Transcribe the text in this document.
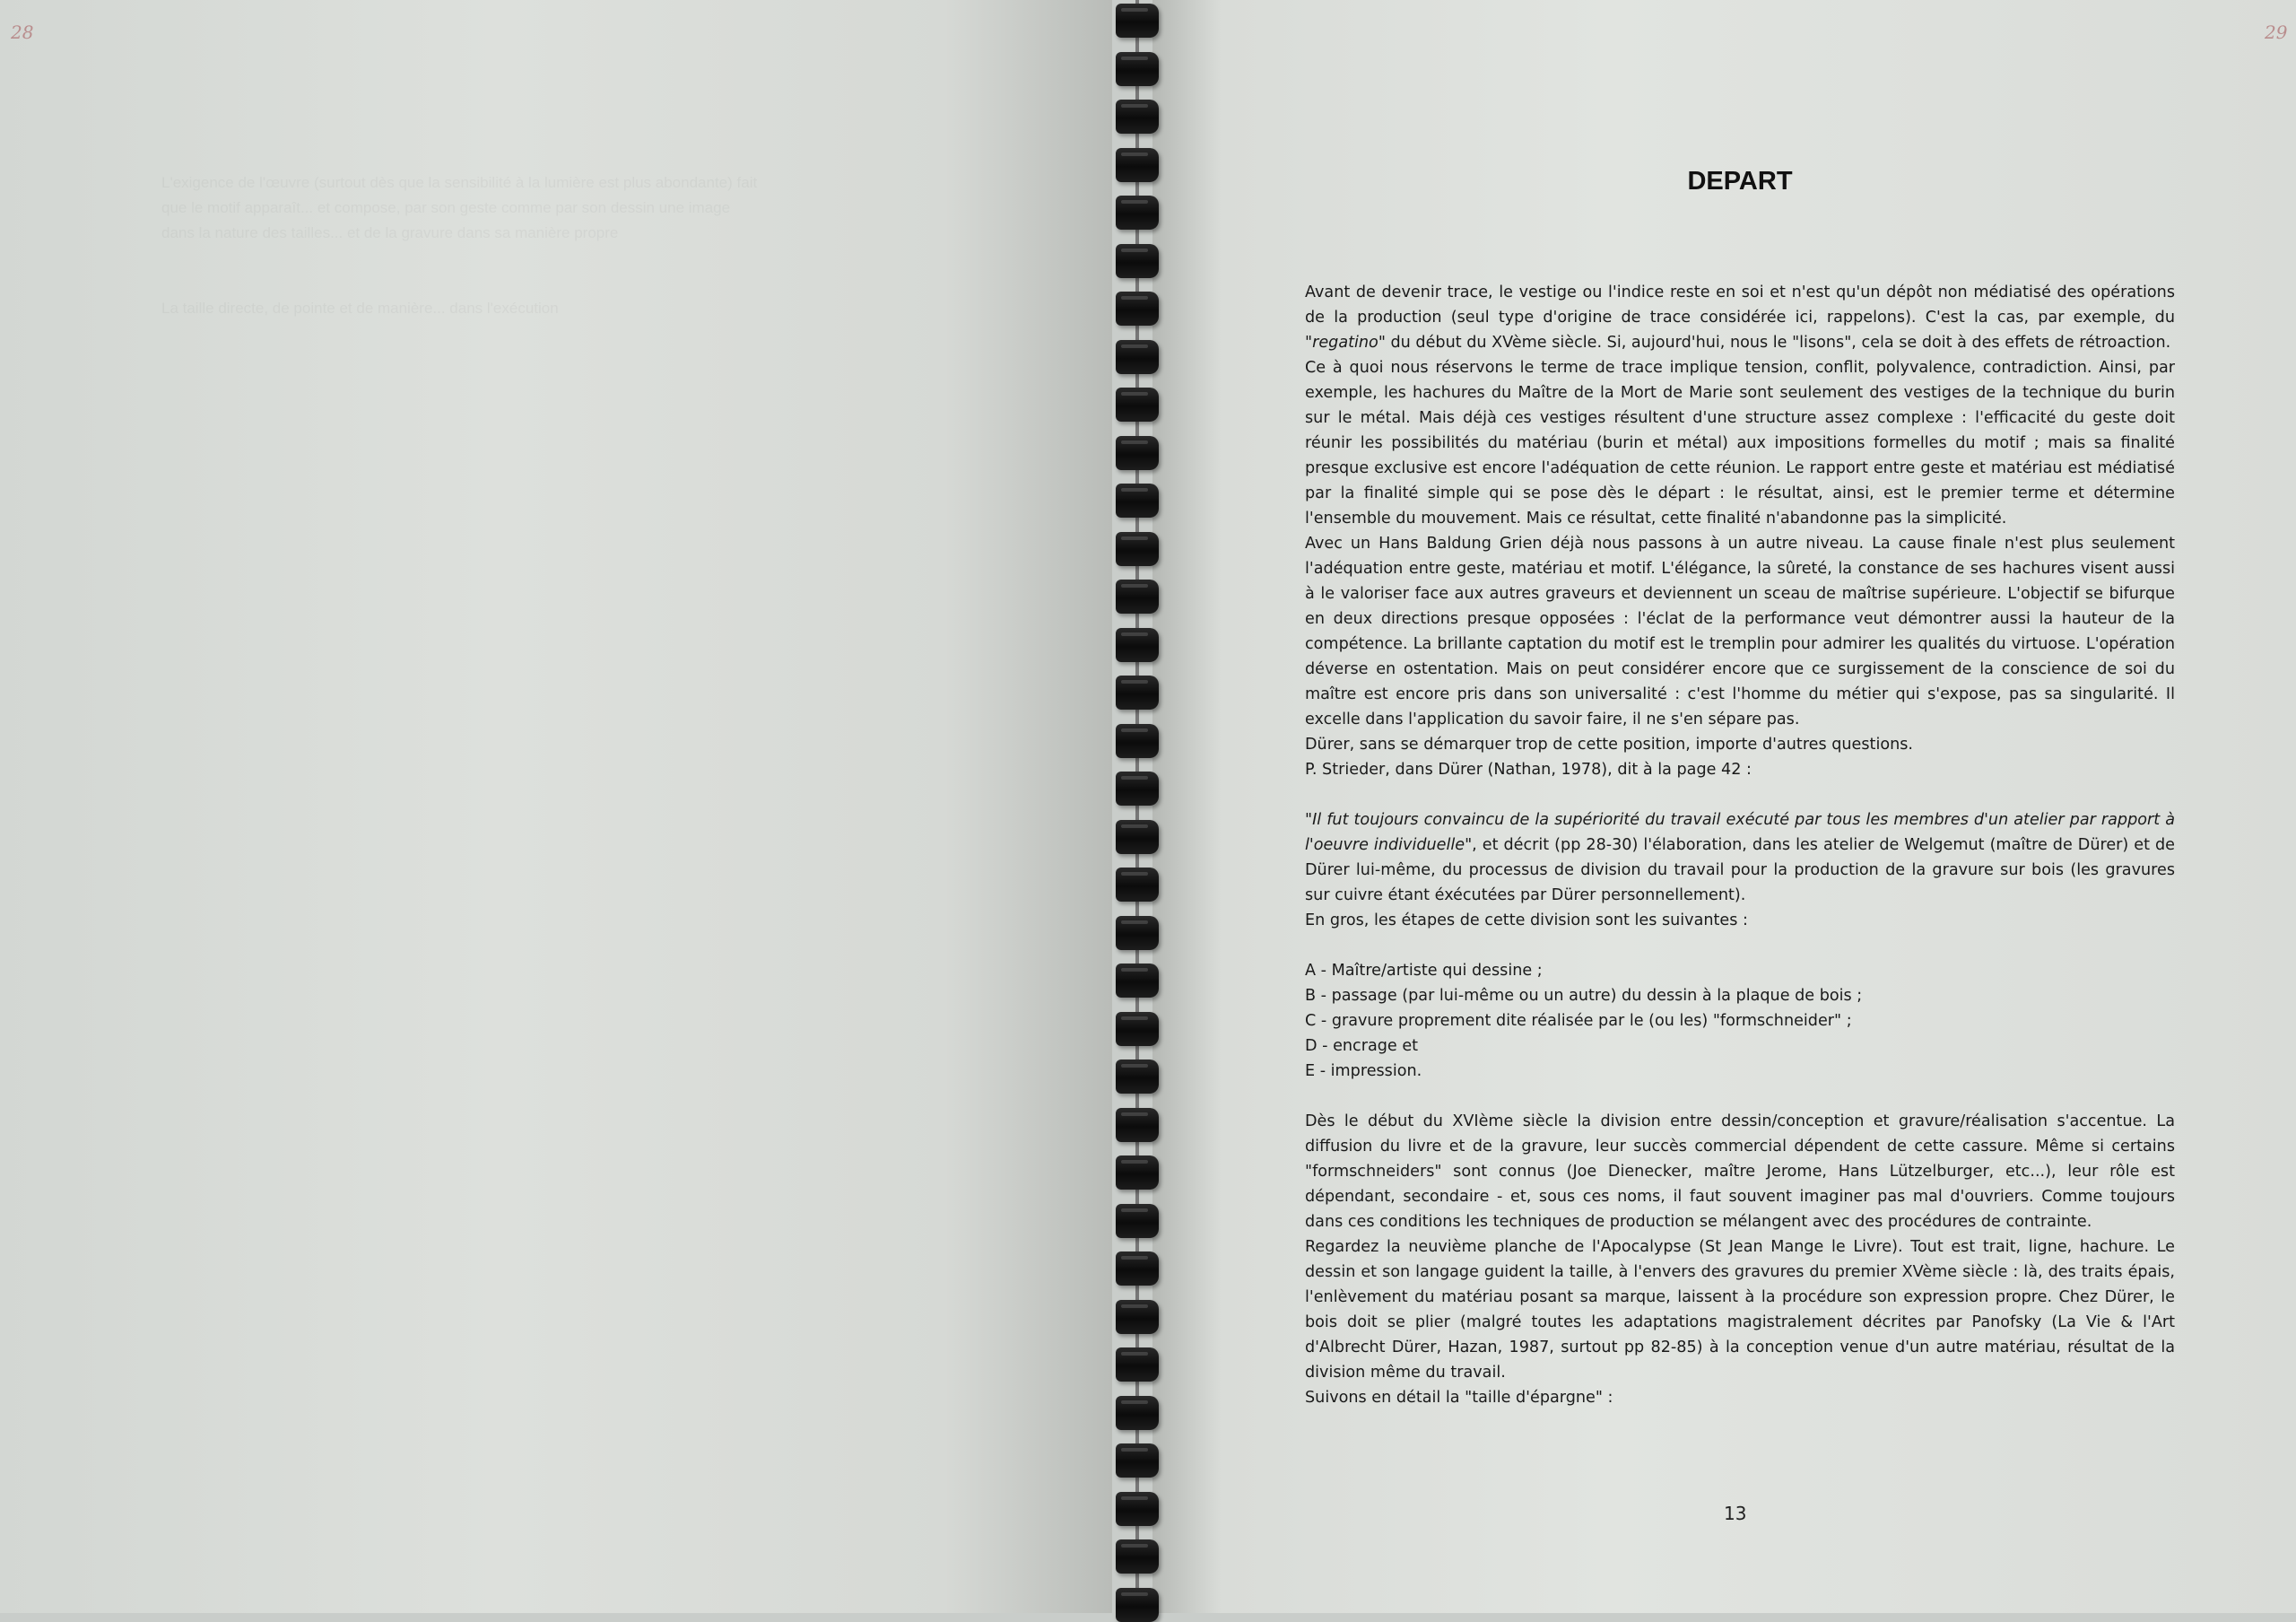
28
L'exigence de l'œuvre (surtout dès que la sensibilité à la lumière est plus abondante) fait
que le motif apparaît... et compose, par son geste comme par son dessin une image
dans la nature des tailles... et de la gravure dans sa manière propre

La taille directe, de pointe et de manière... dans l'exécution
29
DEPART

Avant de devenir trace, le vestige ou l'indice reste en soi et n'est qu'un dépôt non médiatisé des opérations de la production (seul type d'origine de trace considérée ici, rappelons). C'est la cas, par exemple, du "regatino" du début du XVème siècle. Si, aujourd'hui, nous le "lisons", cela se doit à des effets de rétroaction.

Ce à quoi nous réservons le terme de trace implique tension, conflit, polyvalence, contradiction. Ainsi, par exemple, les hachures du Maître de la Mort de Marie sont seulement des vestiges de la technique du burin sur le métal. Mais déjà ces vestiges résultent d'une structure assez complexe : l'efficacité du geste doit réunir les possibilités du matériau (burin et métal) aux impositions formelles du motif ; mais sa finalité presque exclusive est encore l'adéquation de cette réunion. Le rapport entre geste et matériau est médiatisé par la finalité simple qui se pose dès le départ : le résultat, ainsi, est le premier terme et détermine l'ensemble du mouvement. Mais ce résultat, cette finalité n'abandonne pas la simplicité.

Avec un Hans Baldung Grien déjà nous passons à un autre niveau. La cause finale n'est plus seulement l'adéquation entre geste, matériau et motif. L'élégance, la sûreté, la constance de ses hachures visent aussi à le valoriser face aux autres graveurs et deviennent un sceau de maîtrise supérieure. L'objectif se bifurque en deux directions presque opposées : l'éclat de la performance veut démontrer aussi la hauteur de la compétence. La brillante captation du motif est le tremplin pour admirer les qualités du virtuose. L'opération déverse en ostentation. Mais on peut considérer encore que ce surgissement de la conscience de soi du maître est encore pris dans son universalité : c'est l'homme du métier qui s'expose, pas sa singularité. Il excelle dans l'application du savoir faire, il ne s'en sépare pas.

Dürer, sans se démarquer trop de cette position, importe d'autres questions.

P. Strieder, dans Dürer (Nathan, 1978), dit à la page 42 :

"Il fut toujours convaincu de la supériorité du travail exécuté par tous les membres d'un atelier par rapport à l'oeuvre individuelle", et décrit (pp 28-30) l'élaboration, dans les atelier de Welgemut (maître de Dürer) et de Dürer lui-même, du processus de division du travail pour la production de la gravure sur bois (les gravures sur cuivre étant éxécutées par Dürer personnellement).

En gros, les étapes de cette division sont les suivantes :

A - Maître/artiste qui dessine ;

B - passage (par lui-même ou un autre) du dessin à la plaque de bois ;

C - gravure proprement dite réalisée par le (ou les) "formschneider" ;

D - encrage et

E - impression.

Dès le début du XVIème siècle la division entre dessin/conception et gravure/réalisation s'accentue. La diffusion du livre et de la gravure, leur succès commercial dépendent de cette cassure. Même si certains "formschneiders" sont connus (Joe Dienecker, maître Jerome, Hans Lützelburger, etc...), leur rôle est dépendant, secondaire - et, sous ces noms, il faut souvent imaginer pas mal d'ouvriers. Comme toujours dans ces conditions les techniques de production se mélangent avec des procédures de contrainte.

Regardez la neuvième planche de l'Apocalypse (St Jean Mange le Livre). Tout est trait, ligne, hachure. Le dessin et son langage guident la taille, à l'envers des gravures du premier XVème siècle : là, des traits épais, l'enlèvement du matériau posant sa marque, laissent à la procédure son expression propre. Chez Dürer, le bois doit se plier (malgré toutes les adaptations magistralement décrites par Panofsky (La Vie & l'Art d'Albrecht Dürer, Hazan, 1987, surtout pp 82-85) à la conception venue d'un autre matériau, résultat de la division même du travail.

Suivons en détail la "taille d'épargne" :

13
